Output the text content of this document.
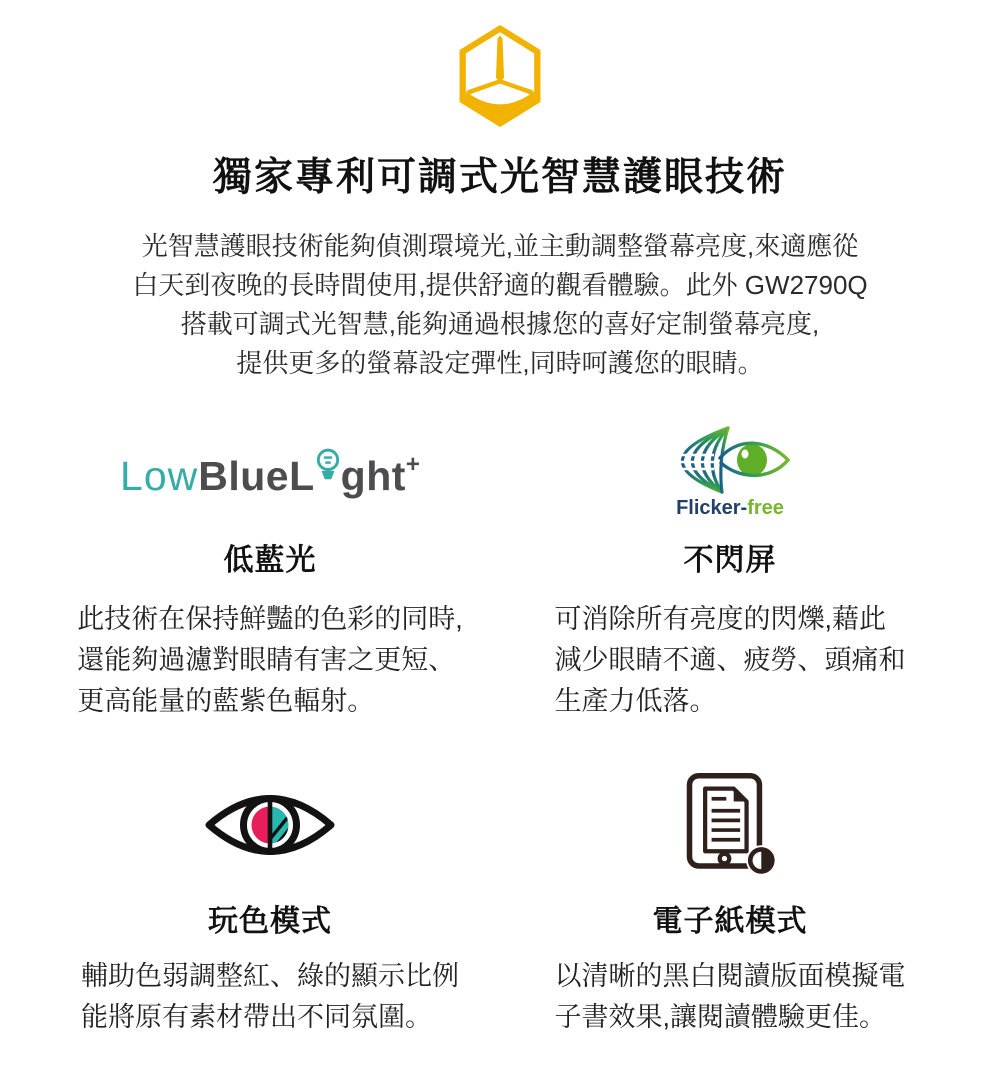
獨家專利可調式光智慧護眼技術

光智慧護眼技術能夠偵測環境光,並主動調整螢幕亮度,來適應從

白天到夜晚的長時間使用,提供舒適的觀看體驗。此外 GW2790Q

搭載可調式光智慧,能夠通過根據您的喜好定制螢幕亮度,

提供更多的螢幕設定彈性,同時呵護您的眼睛。

LowBlueL ght+
低藍光

此技術在保持鮮豔的色彩的同時,

還能夠過濾對眼睛有害之更短、

更高能量的藍紫色輻射。

Flicker-free
不閃屏

可消除所有亮度的閃爍,藉此

減少眼睛不適、疲勞、頭痛和

生產力低落。

玩色模式

輔助色弱調整紅、綠的顯示比例

能將原有素材帶出不同氛圍。

電子紙模式

以清晰的黑白閱讀版面模擬電

子書效果,讓閱讀體驗更佳。
